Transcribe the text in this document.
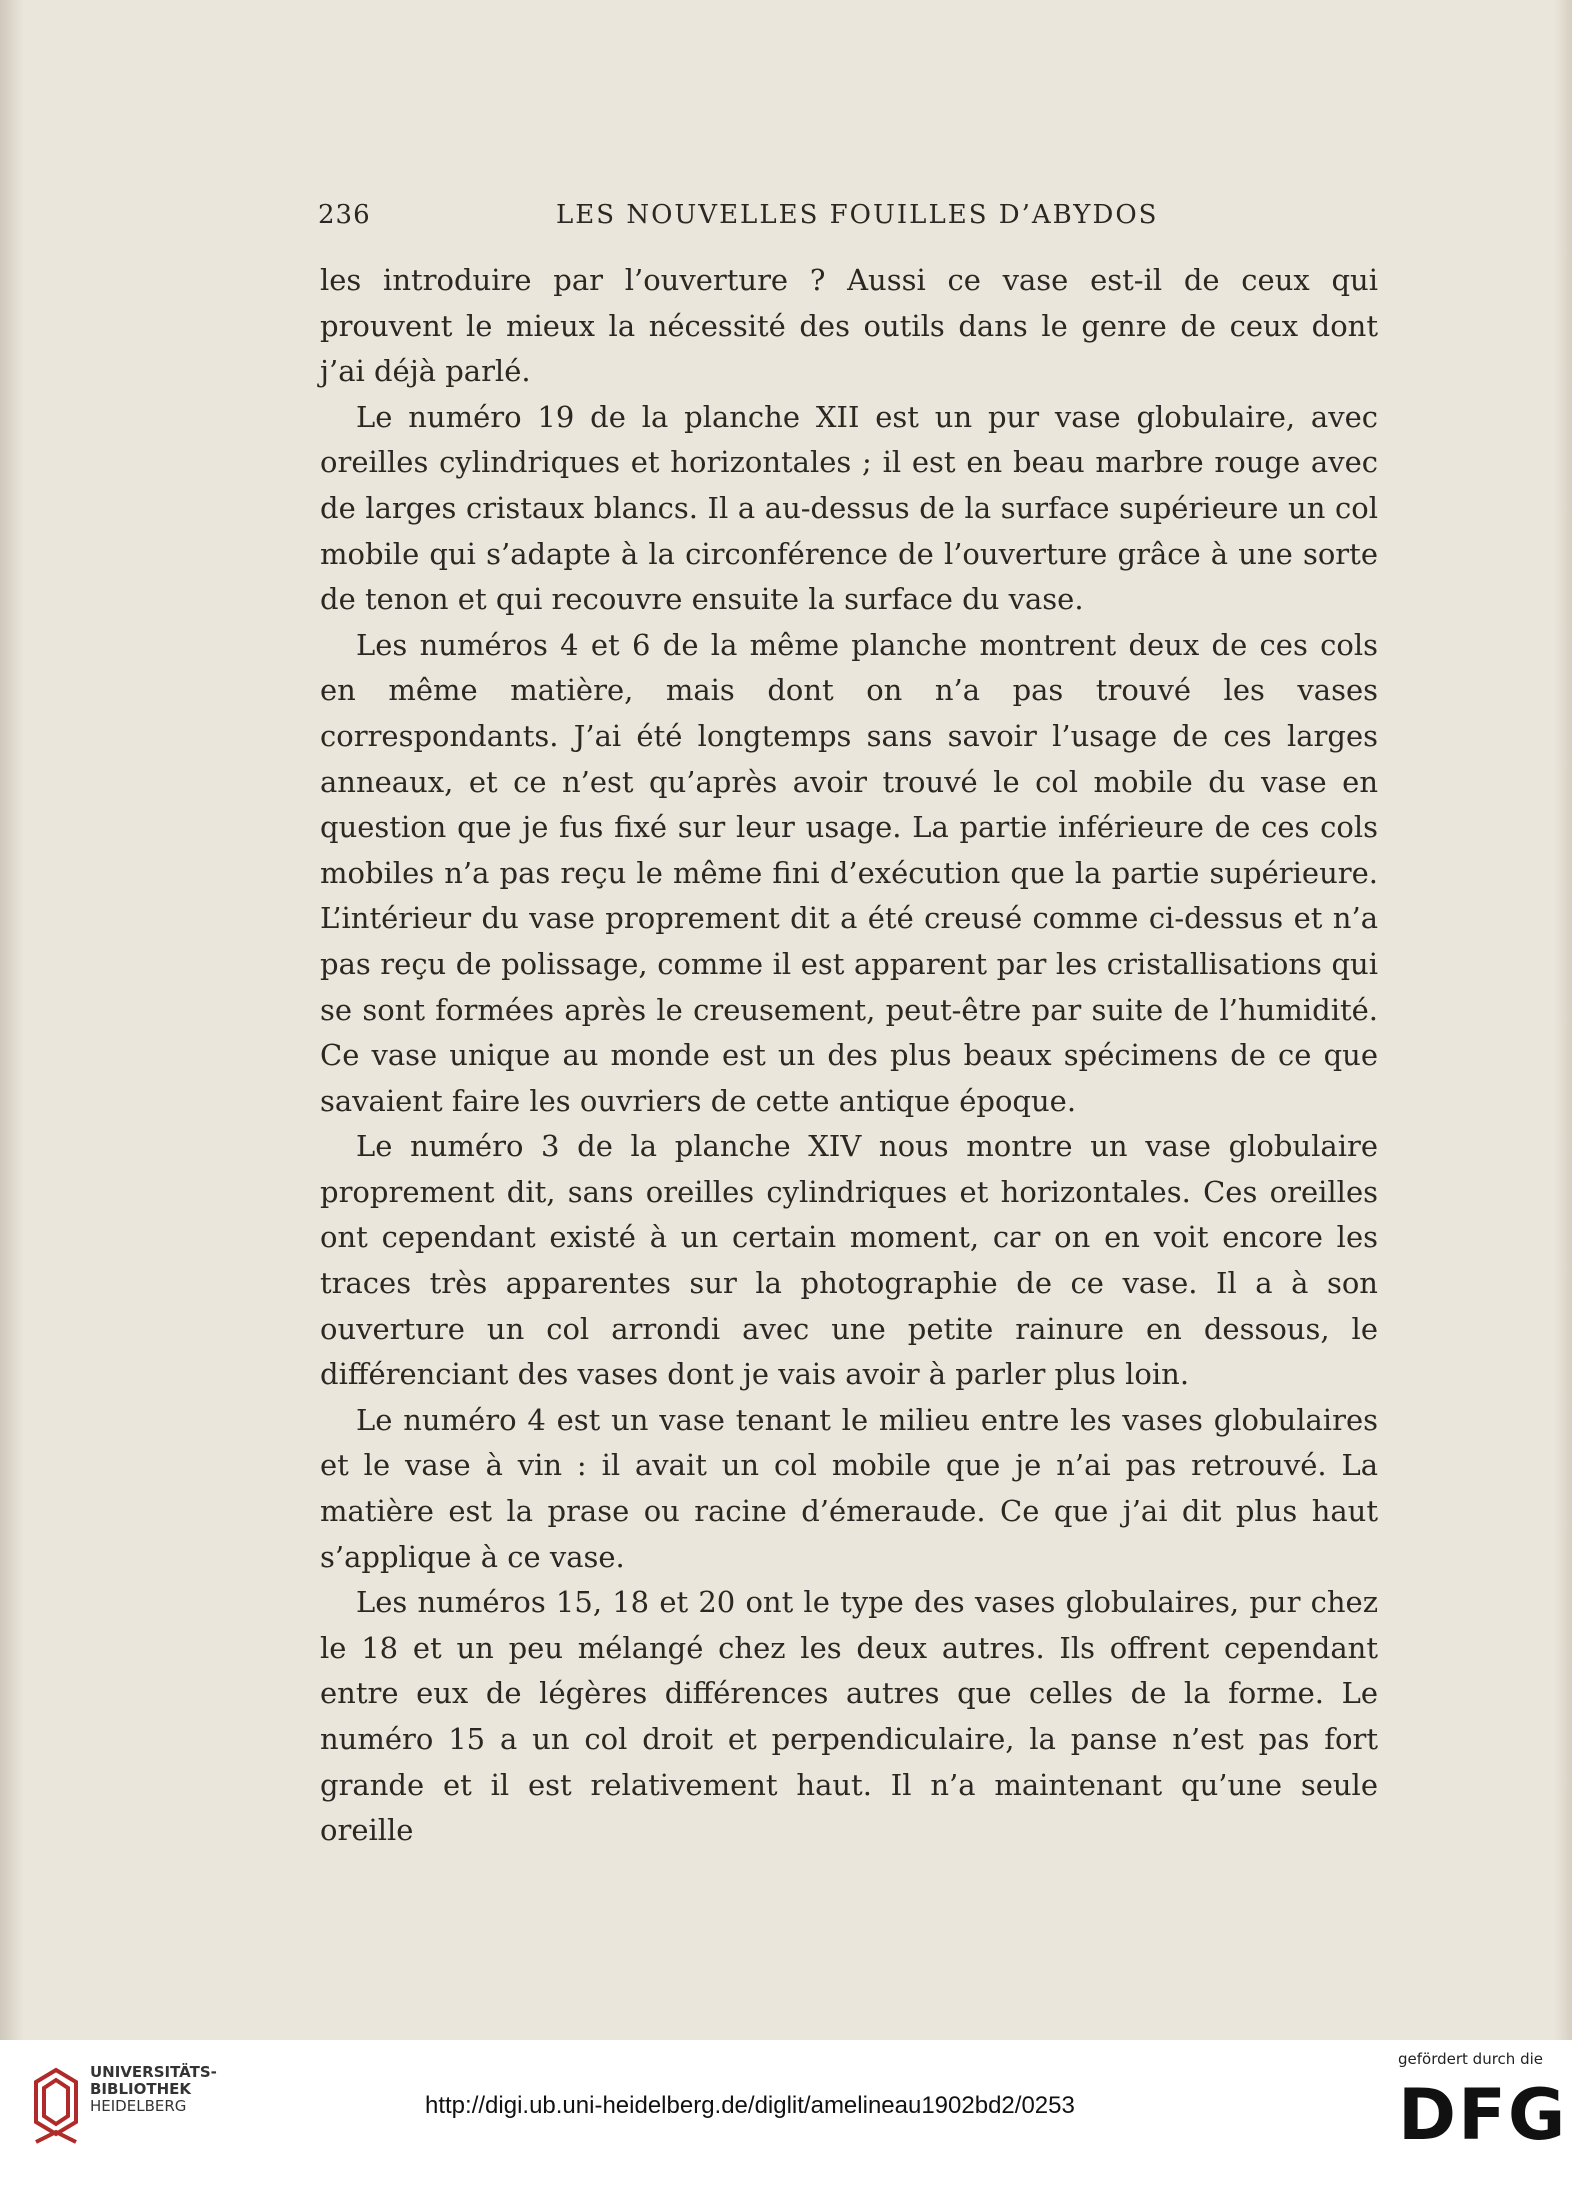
236	LES NOUVELLES FOUILLES D’ABYDOS

les introduire par l’ouverture ? Aussi ce vase est-il de ceux qui prouvent le mieux la nécessité des outils dans le genre de ceux dont j’ai déjà parlé.

Le numéro 19 de la planche XII est un pur vase globulaire, avec oreilles cylindriques et horizontales ; il est en beau marbre rouge avec de larges cristaux blancs. Il a au-dessus de la surface supérieure un col mobile qui s’adapte à la circonférence de l’ouverture grâce à une sorte de tenon et qui recouvre ensuite la surface du vase.

Les numéros 4 et 6 de la même planche montrent deux de ces cols en même matière, mais dont on n’a pas trouvé les vases correspondants. J’ai été longtemps sans savoir l’usage de ces larges anneaux, et ce n’est qu’après avoir trouvé le col mobile du vase en question que je fus fixé sur leur usage. La partie inférieure de ces cols mobiles n’a pas reçu le même fini d’exécution que la partie supérieure. L’intérieur du vase proprement dit a été creusé comme ci-dessus et n’a pas reçu de polissage, comme il est apparent par les cristallisations qui se sont formées après le creusement, peut-être par suite de l’humidité. Ce vase unique au monde est un des plus beaux spécimens de ce que savaient faire les ouvriers de cette antique époque.

Le numéro 3 de la planche XIV nous montre un vase globulaire proprement dit, sans oreilles cylindriques et horizontales. Ces oreilles ont cependant existé à un certain moment, car on en voit encore les traces très apparentes sur la photographie de ce vase. Il a à son ouverture un col arrondi avec une petite rainure en dessous, le différenciant des vases dont je vais avoir à parler plus loin.

Le numéro 4 est un vase tenant le milieu entre les vases globulaires et le vase à vin : il avait un col mobile que je n’ai pas retrouvé. La matière est la prase ou racine d’émeraude. Ce que j’ai dit plus haut s’applique à ce vase.

Les numéros 15, 18 et 20 ont le type des vases globulaires, pur chez le 18 et un peu mélangé chez les deux autres. Ils offrent cependant entre eux de légères différences autres que celles de la forme. Le numéro 15 a un col droit et perpendiculaire, la panse n’est pas fort grande et il est relativement haut. Il n’a maintenant qu’une seule oreille

UNIVERSITÄTS-
BIBLIOTHEK
HEIDELBERG	http://digi.ub.uni-heidelberg.de/diglit/amelineau1902bd2/0253
gefördert durch die
DFG
